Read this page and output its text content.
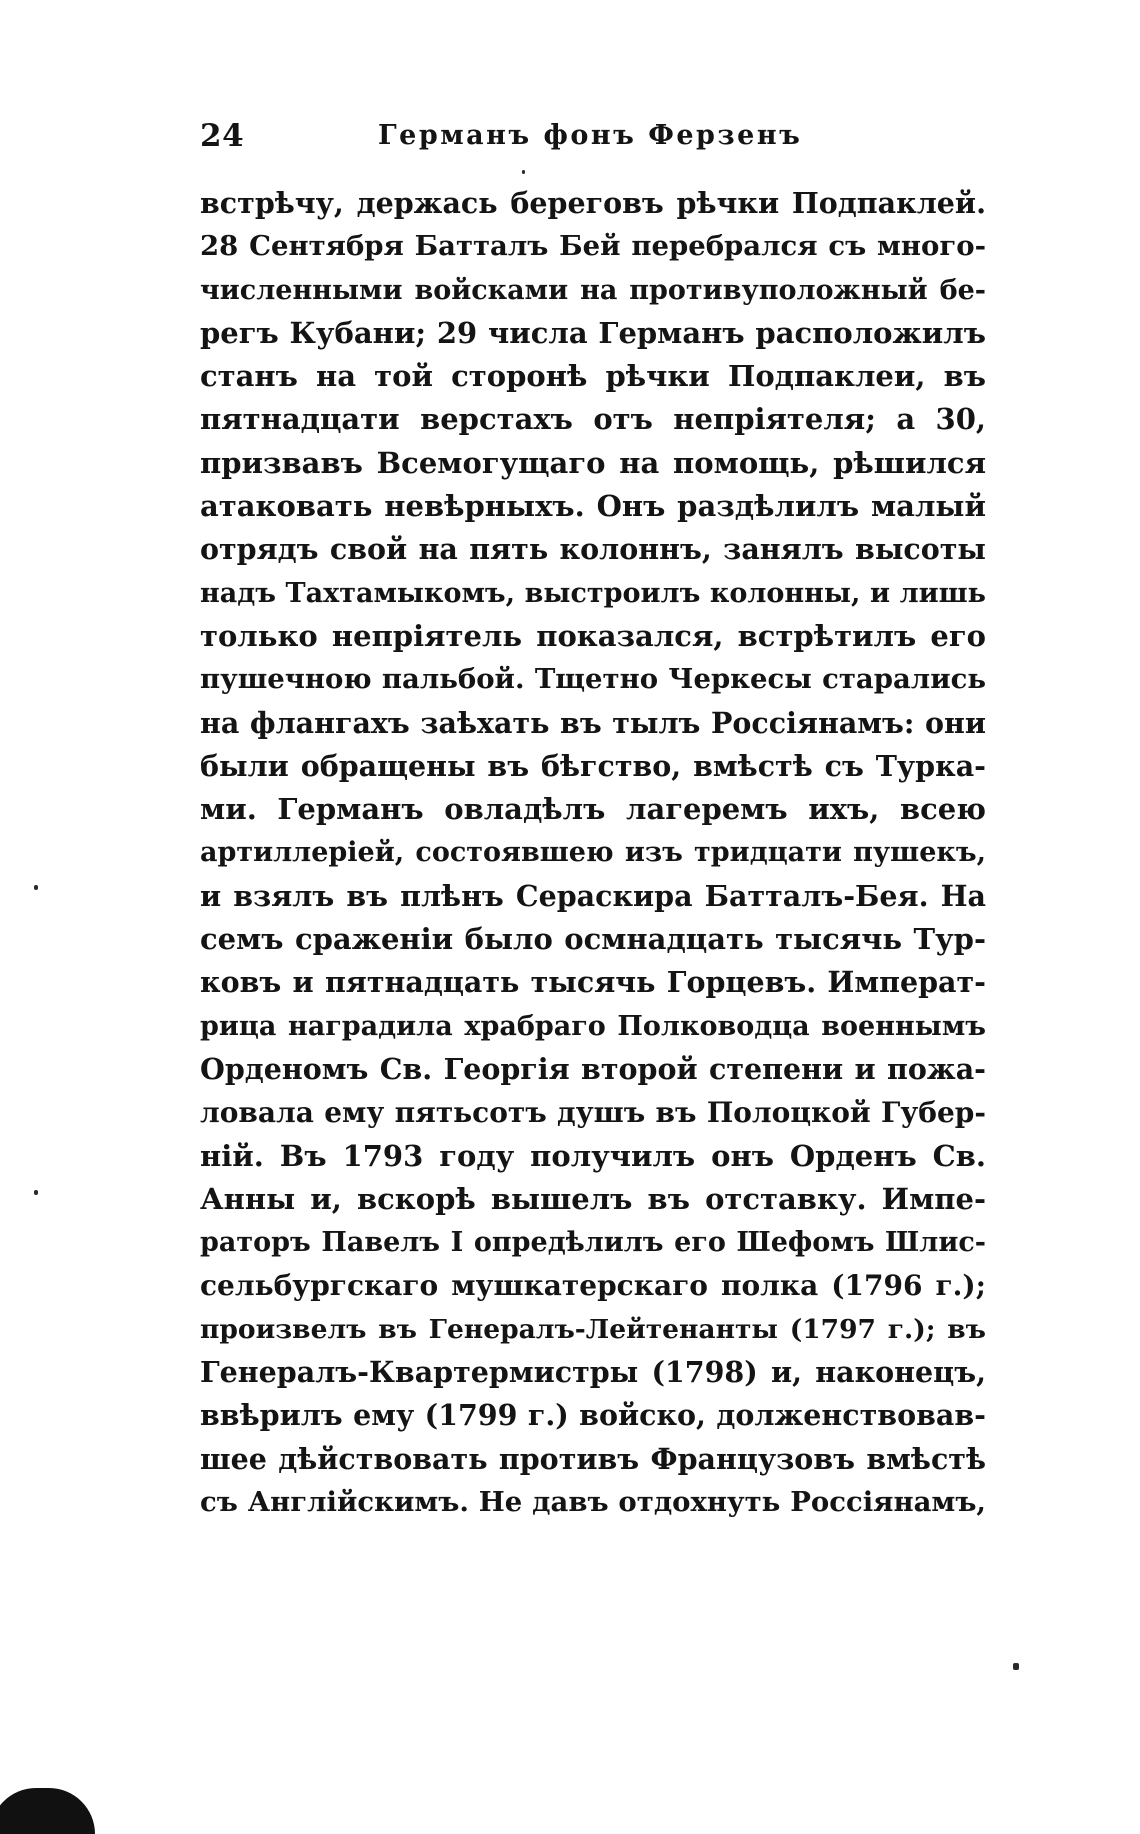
24	Германъ фонъ Ферзенъ
встрѣчу, держась береговъ рѣчки Подпаклей.
28 Сентября Батталъ Бей перебрался съ много-
численными войсками на противуположный бе-
регъ Кубани; 29 числа Германъ расположилъ
станъ на той сторонѣ рѣчки Подпаклеи, въ
пятнадцати верстахъ отъ непріятеля; а 30,
призвавъ Всемогущаго на помощь, рѣшился
атаковать невѣрныхъ. Онъ раздѣлилъ малый
отрядъ свой на пять колоннъ, занялъ высоты
надъ Тахтамыкомъ, выстроилъ колонны, и лишь
только непріятель показался, встрѣтилъ его
пушечною пальбой. Тщетно Черкесы старались
на флангахъ заѣхать въ тылъ Россіянамъ: они
были обращены въ бѣгство, вмѣстѣ съ Турка-
ми. Германъ овладѣлъ лагеремъ ихъ, всею
артиллеріей, состоявшею изъ тридцати пушекъ,
и взялъ въ плѣнъ Сераскира Батталъ-Бея. На
семъ сраженіи было осмнадцать тысячь Тур-
ковъ и пятнадцать тысячь Горцевъ. Императ-
рица наградила храбраго Полководца военнымъ
Орденомъ Св. Георгія второй степени и пожа-
ловала ему пятьсотъ душъ въ Полоцкой Губер-
ній. Въ 1793 году получилъ онъ Орденъ Св.
Анны и, вскорѣ вышелъ въ отставку. Импе-
раторъ Павелъ I опредѣлилъ его Шефомъ Шлис-
сельбургскаго мушкатерскаго полка (1796 г.);
произвелъ въ Генералъ-Лейтенанты (1797 г.); въ
Генералъ-Квартермистры (1798) и, наконецъ,
ввѣрилъ ему (1799 г.) войско, долженствовав-
шее дѣйствовать противъ Французовъ вмѣстѣ
съ Англійскимъ. Не давъ отдохнуть Россіянамъ,
